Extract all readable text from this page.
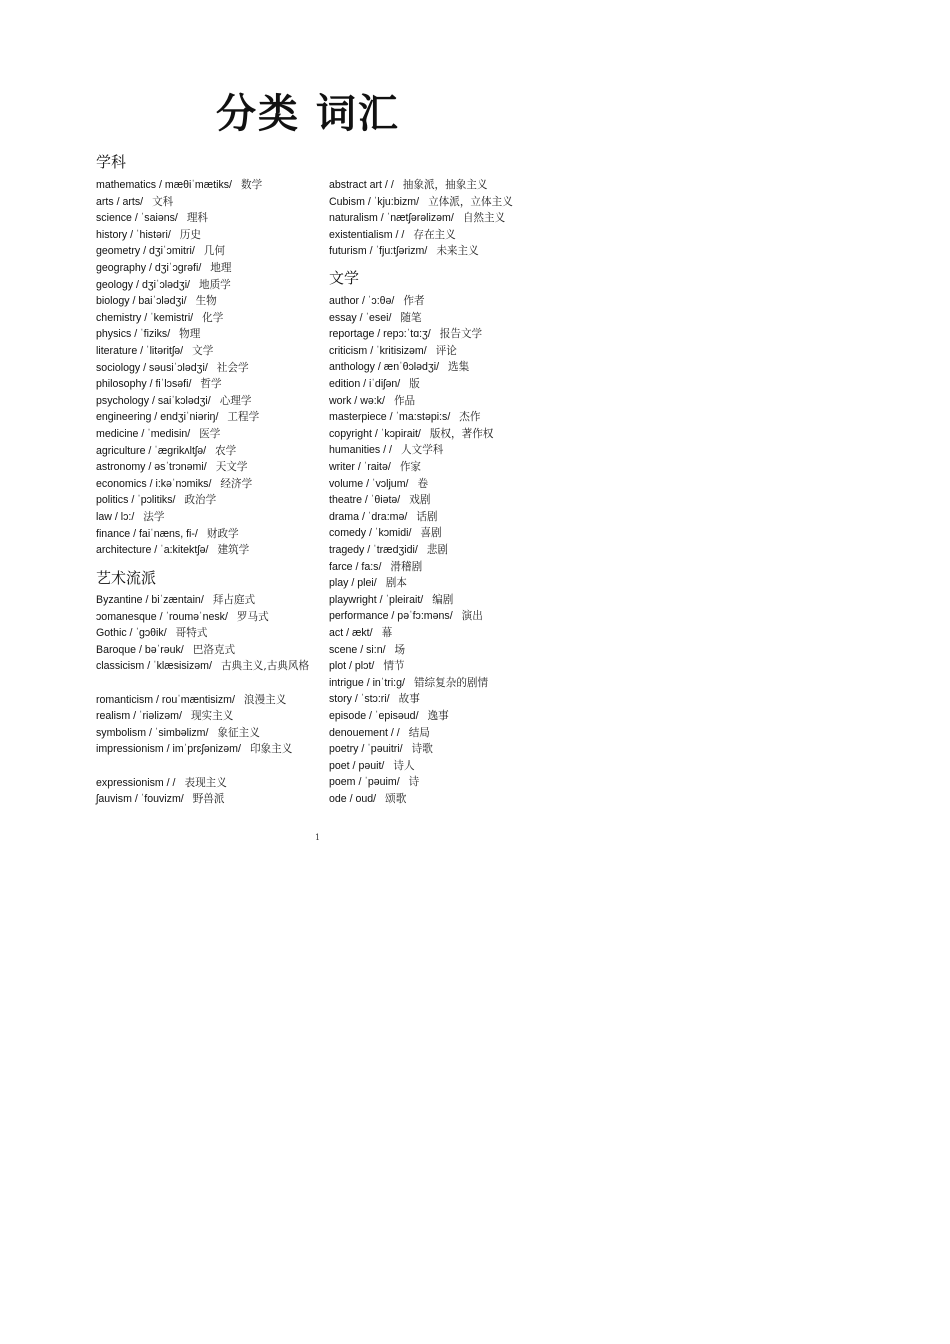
分类 词汇
学科
mathematics / mæθiˈmætiks/ 数学
arts / arts/ 文科
science / ˈsaiəns/ 理科
history / ˈhistəri/ 历史
geometry / dʒiˈɔmitri/ 几何
geography / dʒiˈɔgrəfi/ 地理
geology / dʒiˈɔlədʒi/ 地质学
biology / baiˈɔlədʒi/ 生物
chemistry / ˈkemistri/ 化学
physics / ˈfiziks/ 物理
literature / ˈlitəritʃə/ 文学
sociology / səusiˈɔlədʒi/ 社会学
philosophy / fiˈlɔsəfi/ 哲学
psychology / saiˈkɔlədʒi/ 心理学
engineering / endʒiˈniəriŋ/ 工程学
medicine / ˈmedisin/ 医学
agriculture / ˈægrikʌltʃə/ 农学
astronomy / əsˈtrɔnəmi/ 天文学
economics / i:kəˈnɔmiks/ 经济学
politics / ˈpɔlitiks/ 政治学
law / lɔ:/ 法学
finance / faiˈnæns, fi-/ 财政学
architecture / ˈa:kitektʃə/ 建筑学
艺术流派
Byzantine / biˈzæntain/ 拜占庭式
ɔomanesque / ˈrouməˈnesk/ 罗马式
Gothic / ˈgɔθik/ 哥特式
Baroque / bəˈrəuk/ 巴洛克式
classicism / ˈklæsisizəm/ 古典主义,古典风格
romanticism / rouˈmæntisizm/ 浪漫主义
realism / ˈriəlizəm/ 现实主义
symbolism / ˈsimbəlizm/ 象征主义
impressionism / imˈprɛʃənizəm/ 印象主义
expressionism / / 表现主义
ʃauvism / ˈfouvizm/ 野兽派
abstract art / / 抽象派，抽象主义
Cubism / ˈkju:bizm/ 立体派，立体主义
naturalism / ˈnætʃərəlizəm/ 自然主义
existentialism / / 存在主义
futurism / ˈfju:tʃərizm/ 未来主义
文学
author / ˈɔ:θə/ 作者
essay / ˈesei/ 随笔
reportage / repɔ:ˈtɑ:ʒ/ 报告文学
criticism / ˈkritisizəm/ 评论
anthology / ænˈθɔlədʒi/ 选集
edition / iˈdiʃən/ 版
work / wə:k/ 作品
masterpiece / ˈma:stəpi:s/ 杰作
copyright / ˈkɔpirait/ 版权，著作权
humanities / / 人文学科
writer / ˈraitə/ 作家
volume / ˈvɔljum/ 卷
theatre / ˈθiətə/ 戏剧
drama / ˈdra:mə/ 话剧
comedy / ˈkɔmidi/ 喜剧
tragedy / ˈtrædʒidi/ 悲剧
farce / fa:s/ 滑稽剧
play / plei/ 剧本
playwright / ˈpleirait/ 编剧
performance / pəˈfɔ:məns/ 演出
act / ækt/ 幕
scene / si:n/ 场
plot / plɔt/ 情节
intrigue / inˈtri:g/ 错综复杂的剧情
story / ˈstɔ:ri/ 故事
episode / ˈepisəud/ 逸事
denouement / / 结局
poetry / ˈpəuitri/ 诗歌
poet / pəuit/ 诗人
poem / ˈpəuim/ 诗
ode / oud/ 颂歌
1
